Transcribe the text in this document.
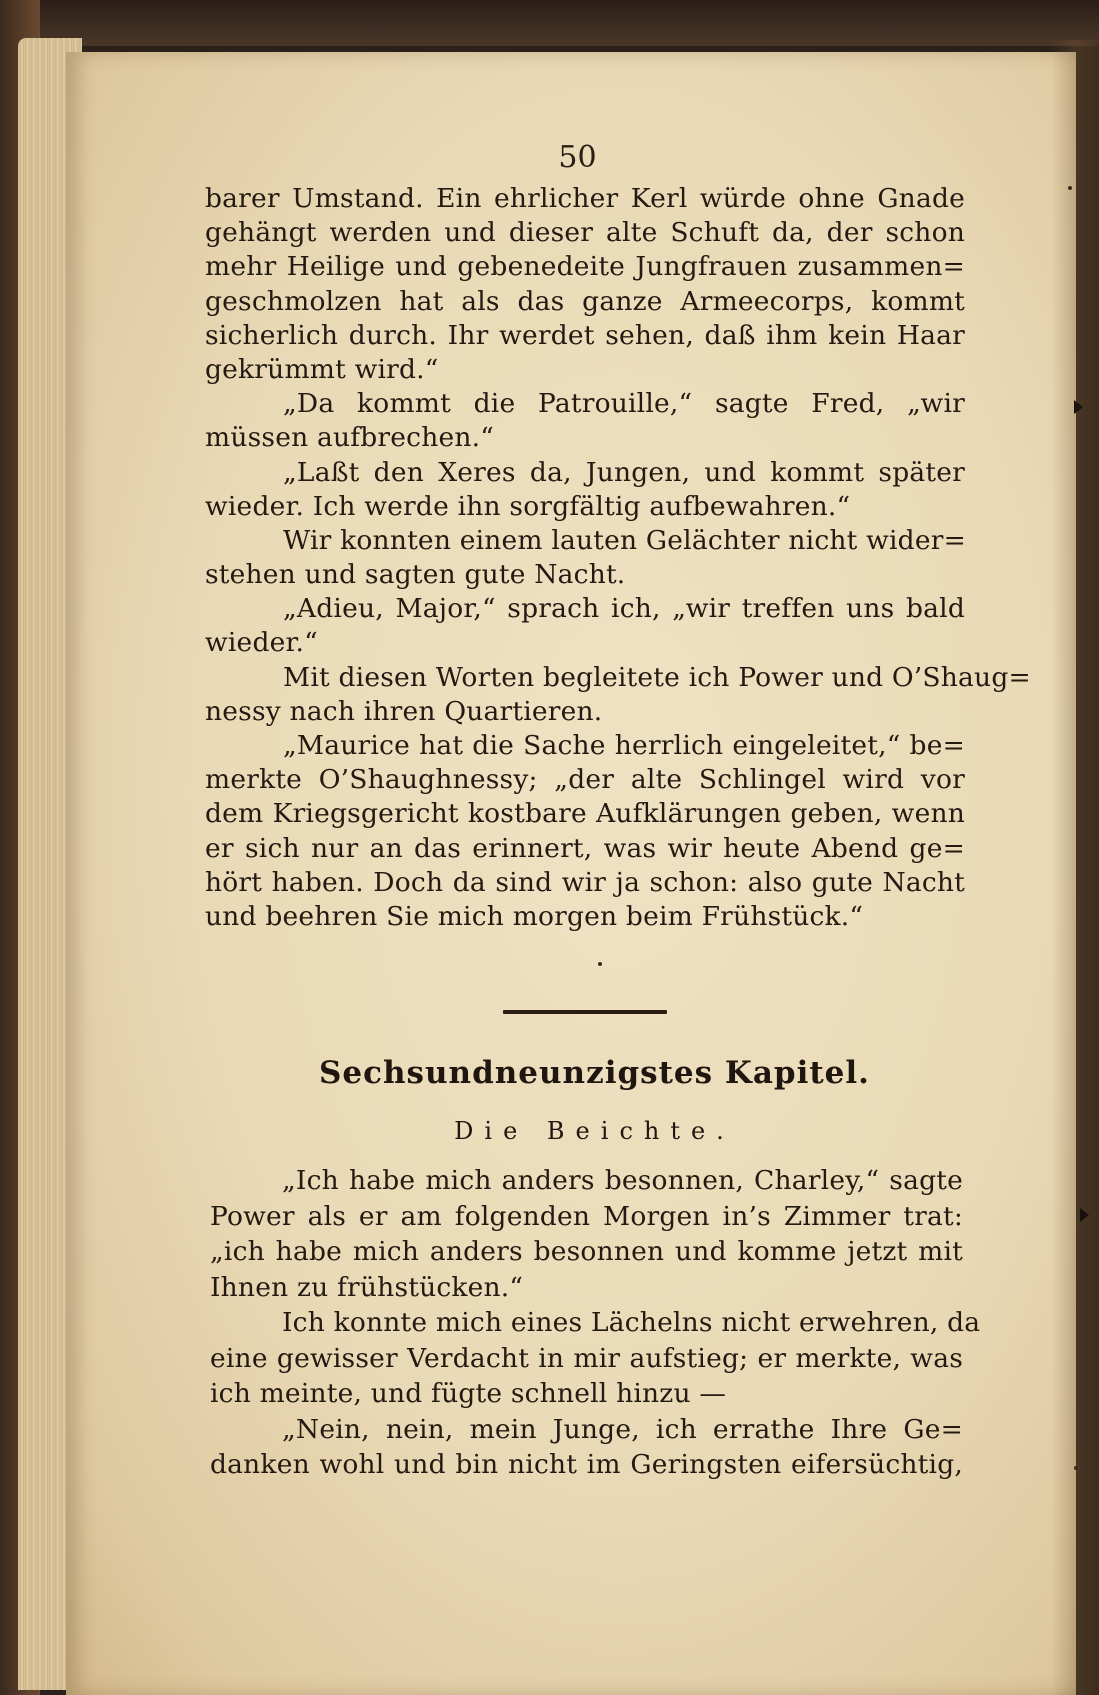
50
barer Umstand. Ein ehrlicher Kerl würde ohne Gnade
gehängt werden und dieser alte Schuft da, der schon
mehr Heilige und gebenedeite Jungfrauen zusammen=
geschmolzen hat als das ganze Armeecorps, kommt
sicherlich durch. Ihr werdet sehen, daß ihm kein Haar
gekrümmt wird.“
„Da kommt die Patrouille,“ sagte Fred, „wir
müssen aufbrechen.“
„Laßt den Xeres da, Jungen, und kommt später
wieder. Ich werde ihn sorgfältig aufbewahren.“
Wir konnten einem lauten Gelächter nicht wider=
stehen und sagten gute Nacht.
„Adieu, Major,“ sprach ich, „wir treffen uns bald
wieder.“
Mit diesen Worten begleitete ich Power und O’Shaug=
nessy nach ihren Quartieren.
„Maurice hat die Sache herrlich eingeleitet,“ be=
merkte O’Shaughnessy; „der alte Schlingel wird vor
dem Kriegsgericht kostbare Aufklärungen geben, wenn
er sich nur an das erinnert, was wir heute Abend ge=
hört haben. Doch da sind wir ja schon: also gute Nacht
und beehren Sie mich morgen beim Frühstück.“
Sechsundneunzigstes Kapitel.
Die Beichte.
„Ich habe mich anders besonnen, Charley,“ sagte
Power als er am folgenden Morgen in’s Zimmer trat:
„ich habe mich anders besonnen und komme jetzt mit
Ihnen zu frühstücken.“
Ich konnte mich eines Lächelns nicht erwehren, da
eine gewisser Verdacht in mir aufstieg; er merkte, was
ich meinte, und fügte schnell hinzu —
„Nein, nein, mein Junge, ich errathe Ihre Ge=
danken wohl und bin nicht im Geringsten eifersüchtig,
